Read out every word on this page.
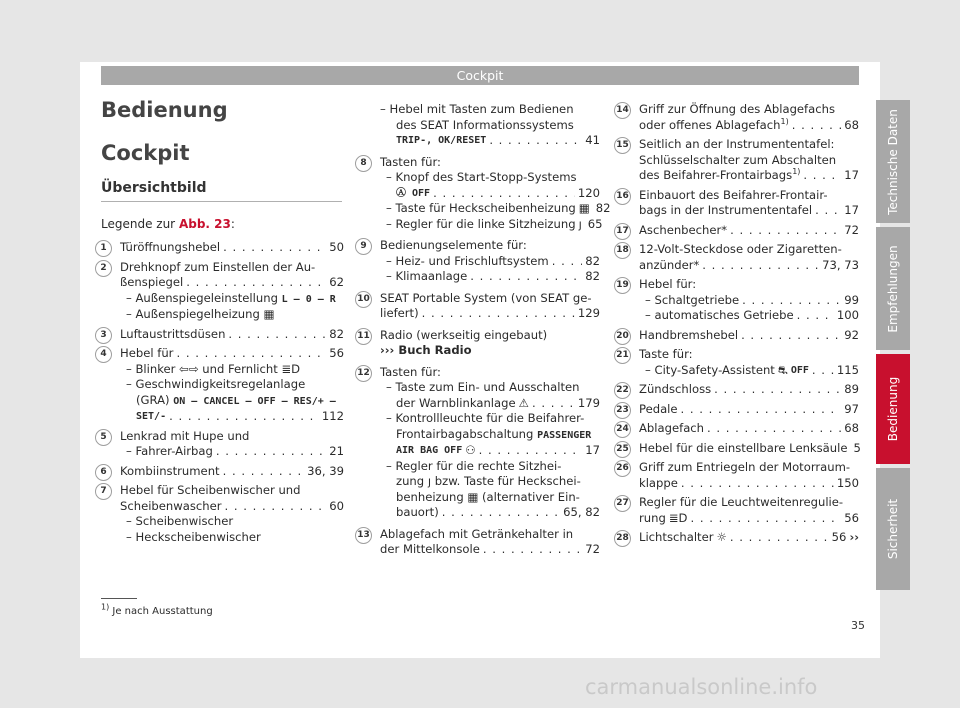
Cockpit
Bedienung
Cockpit
Übersichtbild
Legende zur Abb. 23:
1	Türöffnungshebel . . .	50
2	Drehknopf zum Einstellen der Au-
ßenspiegel . . .	62
– Außenspiegeleinstellung L – 0 – R
– Außenspiegelheizung ▦
3	Luftaustrittsdüsen . . .	82
4	Hebel für . . .	56
– Blinker ⇦⇨ und Fernlicht ≣D
– Geschwindigkeitsregelanlage
(GRA) ON – CANCEL – OFF – RES/+ –
SET/- . . .	112
5	Lenkrad mit Hupe und
– Fahrer-Airbag . . .	21
6	Kombiinstrument . . .	36, 39
7	Hebel für Scheibenwischer und
Scheibenwascher . . .	60
– Scheibenwischer
– Heckscheibenwischer
– Hebel mit Tasten zum Bedienen
des SEAT Informationssystems
TRIP-, OK/RESET . . .	41
8	Tasten für:
– Knopf des Start-Stopp-Systems
Ⓐ OFF . . .	120
– Taste für Heckscheibenheizung ▦ 82
– Regler für die linke Sitzheizung ȷ 65
9	Bedienungselemente für:
– Heiz- und Frischluftsystem . . .	82
– Klimaanlage . . .	82
10 SEAT Portable System (von SEAT ge-
liefert) . . .	129
11 Radio (werkseitig eingebaut)
››› Buch Radio
12 Tasten für:
– Taste zum Ein- und Ausschalten
der Warnblinkanlage ⚠ . . .	179
– Kontrollleuchte für die Beifahrer-
Frontairbagabschaltung PASSENGER
AIR BAG OFF ⚇ . . .	17
– Regler für die rechte Sitzhei-
zung ȷ bzw. Taste für Heckschei-
benheizung ▦ (alternativer Ein-
bauort) . . .	65, 82
13 Ablagefach mit Getränkehalter in
der Mittelkonsole . . .	72
14 Griff zur Öffnung des Ablagefachs
oder offenes Ablagefach$^{1)}$ . . .	68
15 Seitlich an der Instrumententafel:
Schlüsselschalter zum Abschalten
des Beifahrer-Frontairbags$^{1)}$ . . .	17
16 Einbauort des Beifahrer-Frontair-
bags in der Instrumententafel . . .	17
17 Aschenbecher* . . .	72
18 12-Volt-Steckdose oder Zigaretten-
anzünder* . . .	73, 73
19 Hebel für:
– Schaltgetriebe . . .	99
– automatisches Getriebe . . .	100
20 Handbremshebel . . .	92
21 Taste für:
– City-Safety-Assistent ⛐ OFF . . . 115
22 Zündschloss . . .	89
23 Pedale . . .	97
24 Ablagefach . . .	68
25 Hebel für die einstellbare Lenksäule 5
26 Griff zum Entriegeln der Motorraum-
klappe . . .	150
27 Regler für die Leuchtweitenregulie-
rung ≣D . . .	56
28 Lichtschalter ☼ . . .	56 ››
Technische Daten
Empfehlungen
Bedienung
Sicherheit
$^{1)}$ Je nach Ausstattung
35
carmanualsonline.info
